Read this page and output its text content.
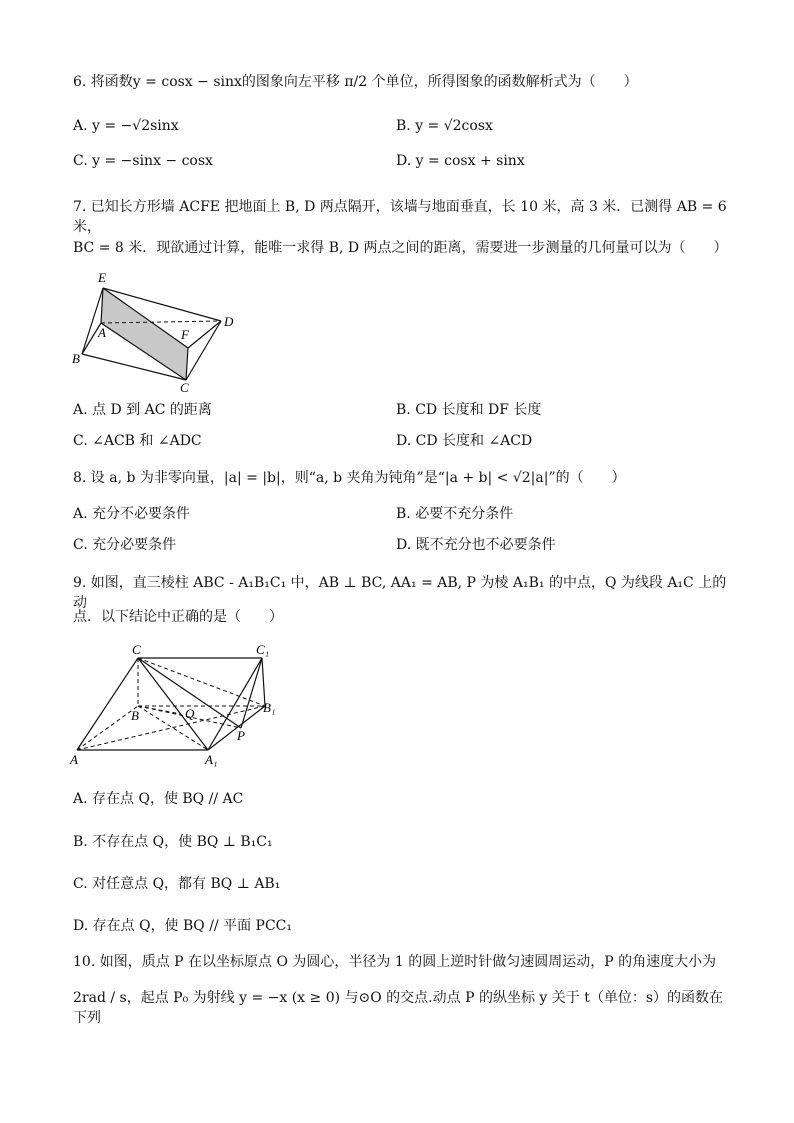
6. 将函数y = cosx − sinx的图象向左平移 π/2 个单位，所得图象的函数解析式为（　　）
A. y = −√2sinx	B. y = √2cosx
C. y = −sinx − cosx	D. y = cosx + sinx
7. 已知长方形墙 ACFE 把地面上 B, D 两点隔开，该墙与地面垂直，长 10 米，高 3 米．已测得 AB = 6 米，
BC = 8 米．现欲通过计算，能唯一求得 B, D 两点之间的距离，需要进一步测量的几何量可以为（　　）
E
A	F
D
B
C
A. 点 D 到 AC 的距离	B. CD 长度和 DF 长度
C. ∠ACB 和 ∠ADC	D. CD 长度和 ∠ACD
8. 设 a, b 为非零向量，|a| = |b|，则“a, b 夹角为钝角”是“|a + b| < √2|a|”的（　　）
A. 充分不必要条件	B. 必要不充分条件
C. 充分必要条件	D. 既不充分也不必要条件
9. 如图，直三棱柱 ABC - A₁B₁C₁ 中，AB ⊥ BC, AA₁ = AB, P 为棱 A₁B₁ 的中点，Q 为线段 A₁C 上的动
点．以下结论中正确的是（　　）
C	C₁
B	Q	B₁
P
A	A₁
A. 存在点 Q，使 BQ // AC
B. 不存在点 Q，使 BQ ⊥ B₁C₁
C. 对任意点 Q，都有 BQ ⊥ AB₁
D. 存在点 Q，使 BQ // 平面 PCC₁
10. 如图，质点 P 在以坐标原点 O 为圆心，半径为 1 的圆上逆时针做匀速圆周运动，P 的角速度大小为
2rad / s，起点 P₀ 为射线 y = −x (x ≥ 0) 与⊙O 的交点.动点 P 的纵坐标 y 关于 t（单位：s）的函数在下列
